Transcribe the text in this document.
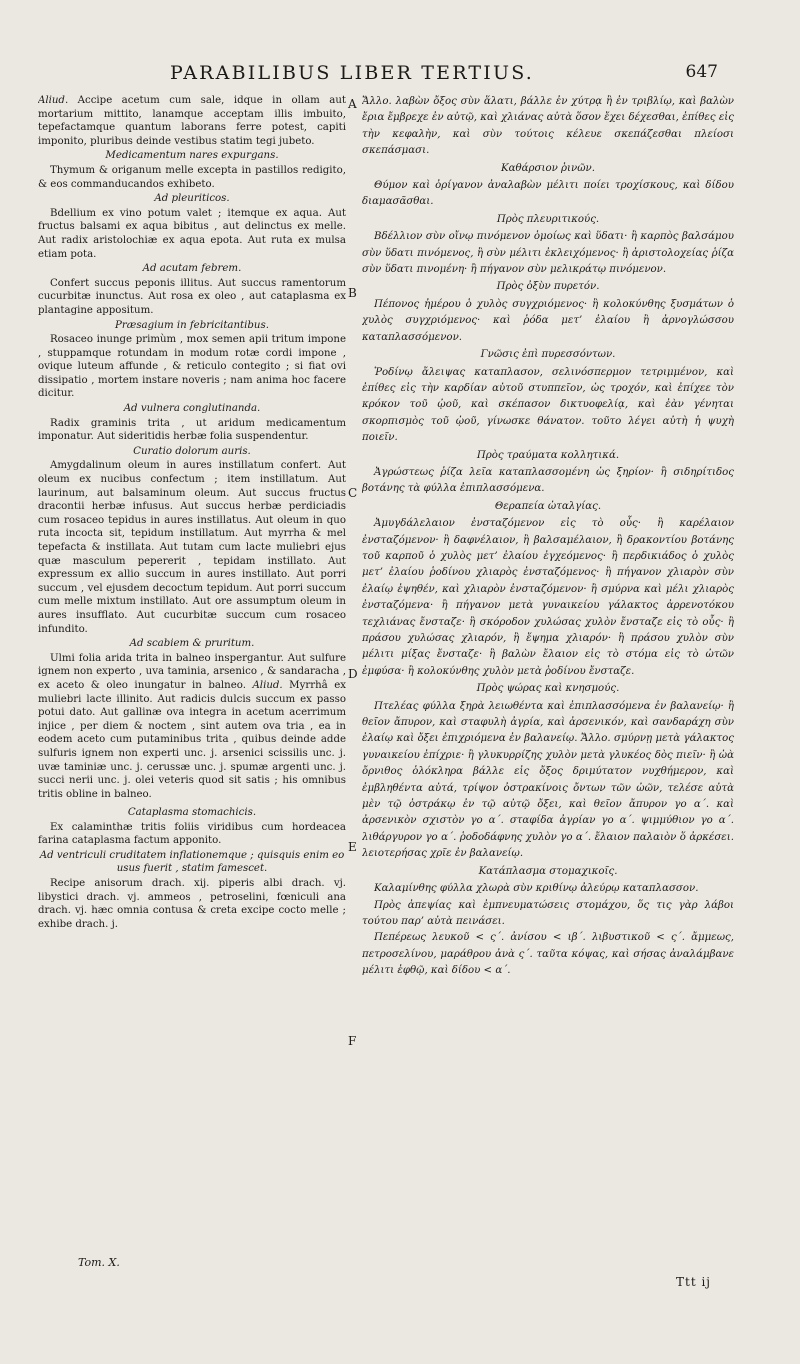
PARABILIBUS LIBER TERTIUS.	647

Aliud. Accipe acetum cum sale, idque in ollam aut mortarium mittito, lanamque acceptam illis imbuito, tepefactamque quantum laborans ferre potest, capiti imponito, pluribus deinde vestibus statim tegi jubeto.

Medicamentum nares expurgans.

Thymum & origanum melle excepta in pastillos redigito, & eos commanducandos exhibeto.

Ad pleuriticos.

Bdellium ex vino potum valet ; itemque ex aqua. Aut fructus balsami ex aqua bibitus , aut delinctus ex melle. Aut radix aristolochiæ ex aqua epota. Aut ruta ex mulsa etiam pota.

Ad acutam febrem.

Confert succus peponis illitus. Aut succus ramentorum cucurbitæ inunctus. Aut rosa ex oleo , aut cataplasma ex plantagine appositum.

Præsagium in febricitantibus.

Rosaceo inunge primùm , mox semen apii tritum impone , stuppamque rotundam in modum rotæ cordi impone , ovique luteum affunde , & reticulo contegito ; si fiat ovi dissipatio , mortem instare noveris ; nam anima hoc facere dicitur.

Ad vulnera conglutinanda.

Radix graminis trita , ut aridum medicamentum imponatur. Aut sideritidis herbæ folia suspendentur.

Curatio dolorum auris.

Amygdalinum oleum in aures instillatum confert. Aut oleum ex nucibus confectum ; item instillatum. Aut laurinum, aut balsaminum oleum. Aut succus fructus dracontii herbæ infusus. Aut succus herbæ perdiciadis cum rosaceo tepidus in aures instillatus. Aut oleum in quo ruta incocta sit, tepidum instillatum. Aut myrrha & mel tepefacta & instillata. Aut tutam cum lacte muliebri ejus quæ masculum pepererit , tepidam instillato. Aut expressum ex allio succum in aures instillato. Aut porri succum , vel ejusdem decoctum tepidum. Aut porri succum cum melle mixtum instillato. Aut ore assumptum oleum in aures insufflato. Aut cucurbitæ succum cum rosaceo infundito.

Ad scabiem & pruritum.

Ulmi folia arida trita in balneo inspergantur. Aut sulfure ignem non experto , uva taminia, arsenico , & sandaracha , ex aceto & oleo inungatur in balneo. Aliud. Myrrhâ ex muliebri lacte illinito. Aut radicis dulcis succum ex passo potui dato. Aut gallinæ ova integra in acetum acerrimum injice , per diem & noctem , sint autem ova tria , ea in eodem aceto cum putaminibus trita , quibus deinde adde sulfuris ignem non experti unc. j. arsenici scissilis unc. j. uvæ taminiæ unc. j. cerussæ unc. j. spumæ argenti unc. j. succi nerii unc. j. olei veteris quod sit satis ; his omnibus tritis obline in balneo.

Cataplasma stomachicis.

Ex calaminthæ tritis foliis viridibus cum hordeacea farina cataplasma factum apponito.

Ad ventriculi cruditatem inflationemque ; quisquis enim eo usus fuerit , statim famescet.

Recipe anisorum drach. xij. piperis albi drach. vj. libystici drach. vj. ammeos , petroselini, fœniculi ana drach. vj. hæc omnia contusa & creta excipe cocto melle ; exhibe drach. j.

A
B
C
D
E
F

Ἄλλο. λαβὼν ὄξος σὺν ἅλατι, βάλλε ἐν χύτρᾳ ἢ ἐν τριβλίῳ, καὶ βαλὼν ἔρια ἔμβρεχε ἐν αὐτῷ, καὶ χλιάνας αὐτὰ ὅσον ἔχει δέχεσθαι, ἐπίθες εἰς τὴν κεφαλὴν, καὶ σὺν τούτοις κέλευε σκεπάζεσθαι πλείοσι σκεπάσμασι.

Καθάρσιον ῥινῶν.

Θύμον καὶ ὀρίγανον ἀναλαβὼν μέλιτι ποίει τροχίσκους, καὶ δίδου διαμασᾶσθαι.

Πρὸς πλευριτικούς.

Βδέλλιον σὺν οἴνῳ πινόμενον ὁμοίως καὶ ὕδατι· ἢ καρπὸς βαλσάμου σὺν ὕδατι πινόμενος, ἢ σὺν μέλιτι ἐκλειχόμενος· ἢ ἀριστολοχείας ῥίζα σὺν ὕδατι πινομένη· ἢ πήγανον σὺν μελικράτῳ πινόμενον.

Πρὸς ὀξὺν πυρετόν.

Πέπονος ἠμέρου ὁ χυλὸς συγχριόμενος· ἢ κολοκύνθης ξυσμάτων ὁ χυλὸς συγχριόμενος· καὶ ῥόδα μετ’ ἐλαίου ἢ ἀρνογλώσσου καταπλασσόμενον.

Γνῶσις ἐπὶ πυρεσσόντων.

Ῥοδίνῳ ἄλειψας καταπλασον, σελινόσπερμον τετριμμένον, καὶ ἐπίθες εἰς τὴν καρδίαν αὐτοῦ στυππεῖον, ὡς τροχόν, καὶ ἐπίχεε τὸν κρόκον τοῦ ᾠοῦ, καὶ σκέπασον δικτυοφελίᾳ, καὶ ἐὰν γένηται σκορπισμὸς τοῦ ᾠοῦ, γίνωσκε θάνατον. τοῦτο λέγει αὐτὴ ἡ ψυχὴ ποιεῖν.

Πρὸς τραύματα κολλητικά.

Ἀγρώστεως ῥίζα λεῖα καταπλασσομένη ὡς ξηρίον· ἢ σιδηρίτιδος βοτάνης τὰ φύλλα ἐπιπλασσόμενα.

Θεραπεία ὠταλγίας.

Ἀμυγδάλελαιον ἐνσταζόμενον εἰς τὸ οὖς· ἢ καρέλαιον ἐνσταζόμενον· ἢ δαφνέλαιον, ἢ βαλσαμέλαιον, ἢ δρακοντίου βοτάνης τοῦ καρποῦ ὁ χυλὸς μετ’ ἐλαίου ἐγχεόμενος· ἢ περδικιάδος ὁ χυλὸς μετ’ ἐλαίου ῥοδίνου χλιαρὸς ἐνσταζόμενος· ἢ πήγανον χλιαρὸν σὺν ἐλαίῳ ἑψηθέν, καὶ χλιαρὸν ἐνσταζόμενον· ἢ σμύρνα καὶ μέλι χλιαρὸς ἐνσταζόμενα· ἢ πήγανον μετὰ γυναικείου γάλακτος ἀρρενοτόκου τεχλιάνας ἔνσταζε· ἢ σκόροδον χυλώσας χυλὸν ἔνσταζε εἰς τὸ οὖς· ἢ πράσου χυλώσας χλιαρόν, ἢ ἕψημα χλιαρόν· ἢ πράσου χυλὸν σὺν μέλιτι μίξας ἔνσταζε· ἢ βαλὼν ἔλαιον εἰς τὸ στόμα εἰς τὸ ὠτῶν ἐμφύσα· ἢ κολοκύνθης χυλὸν μετὰ ῥοδίνου ἔνσταζε.

Πρὸς ψώρας καὶ κνησμούς.

Πτελέας φύλλα ξηρὰ λειωθέντα καὶ ἐπιπλασσόμενα ἐν βαλανείῳ· ἢ θεῖον ἄπυρον, καὶ σταφυλὴ ἀγρία, καὶ ἀρσενικόν, καὶ σανδαράχη σὺν ἐλαίῳ καὶ ὄξει ἐπιχριόμενα ἐν βαλανείῳ. Ἄλλο. σμύρνῃ μετὰ γάλακτος γυναικείου ἐπίχριε· ἢ γλυκυρρίζης χυλὸν μετὰ γλυκέος δὸς πιεῖν· ἢ ὠὰ ὄρνιθος ὁλόκληρα βάλλε εἰς ὄξος δριμύτατον νυχθήμερον, καὶ ἐμβληθέντα αὐτά, τρίψον ὀστρακίνοις ὄντων τῶν ὠῶν, τελέσε αὐτὰ μὲν τῷ ὀστράκῳ ἐν τῷ αὐτῷ ὄξει, καὶ θεῖον ἄπυρον γο α΄. καὶ ἀρσενικὸν σχιστὸν γο α΄. σταφίδα ἀγρίαν γο α΄. ψιμμύθιον γο α΄. λιθάργυρον γο α΄. ῥοδοδάφνης χυλὸν γο α΄. ἔλαιον παλαιὸν ὅ ἀρκέσει. λειοτερήσας χρῖε ἐν βαλανείῳ.

Κατάπλασμα στομαχικοῖς.

Καλαμίνθης φύλλα χλωρὰ σὺν κριθίνῳ ἀλεύρῳ καταπλασσον.

Πρὸς ἀπεψίας καὶ ἐμπνευματώσεις στομάχου, ὅς τις γὰρ λάβοι τούτου παρ’ αὐτὰ πεινάσει.

Πεπέρεως λευκοῦ < ς΄. ἀνίσου < ιβ΄. λιβυστικοῦ < ς΄. ἄμμεως, πετροσελίνου, μαράθρου ἀνὰ ς΄. ταῦτα κόψας, καὶ σήσας ἀναλάμβανε μέλιτι ἑφθῷ, καὶ δίδου < α΄.

Tom. X.
Ttt ij
